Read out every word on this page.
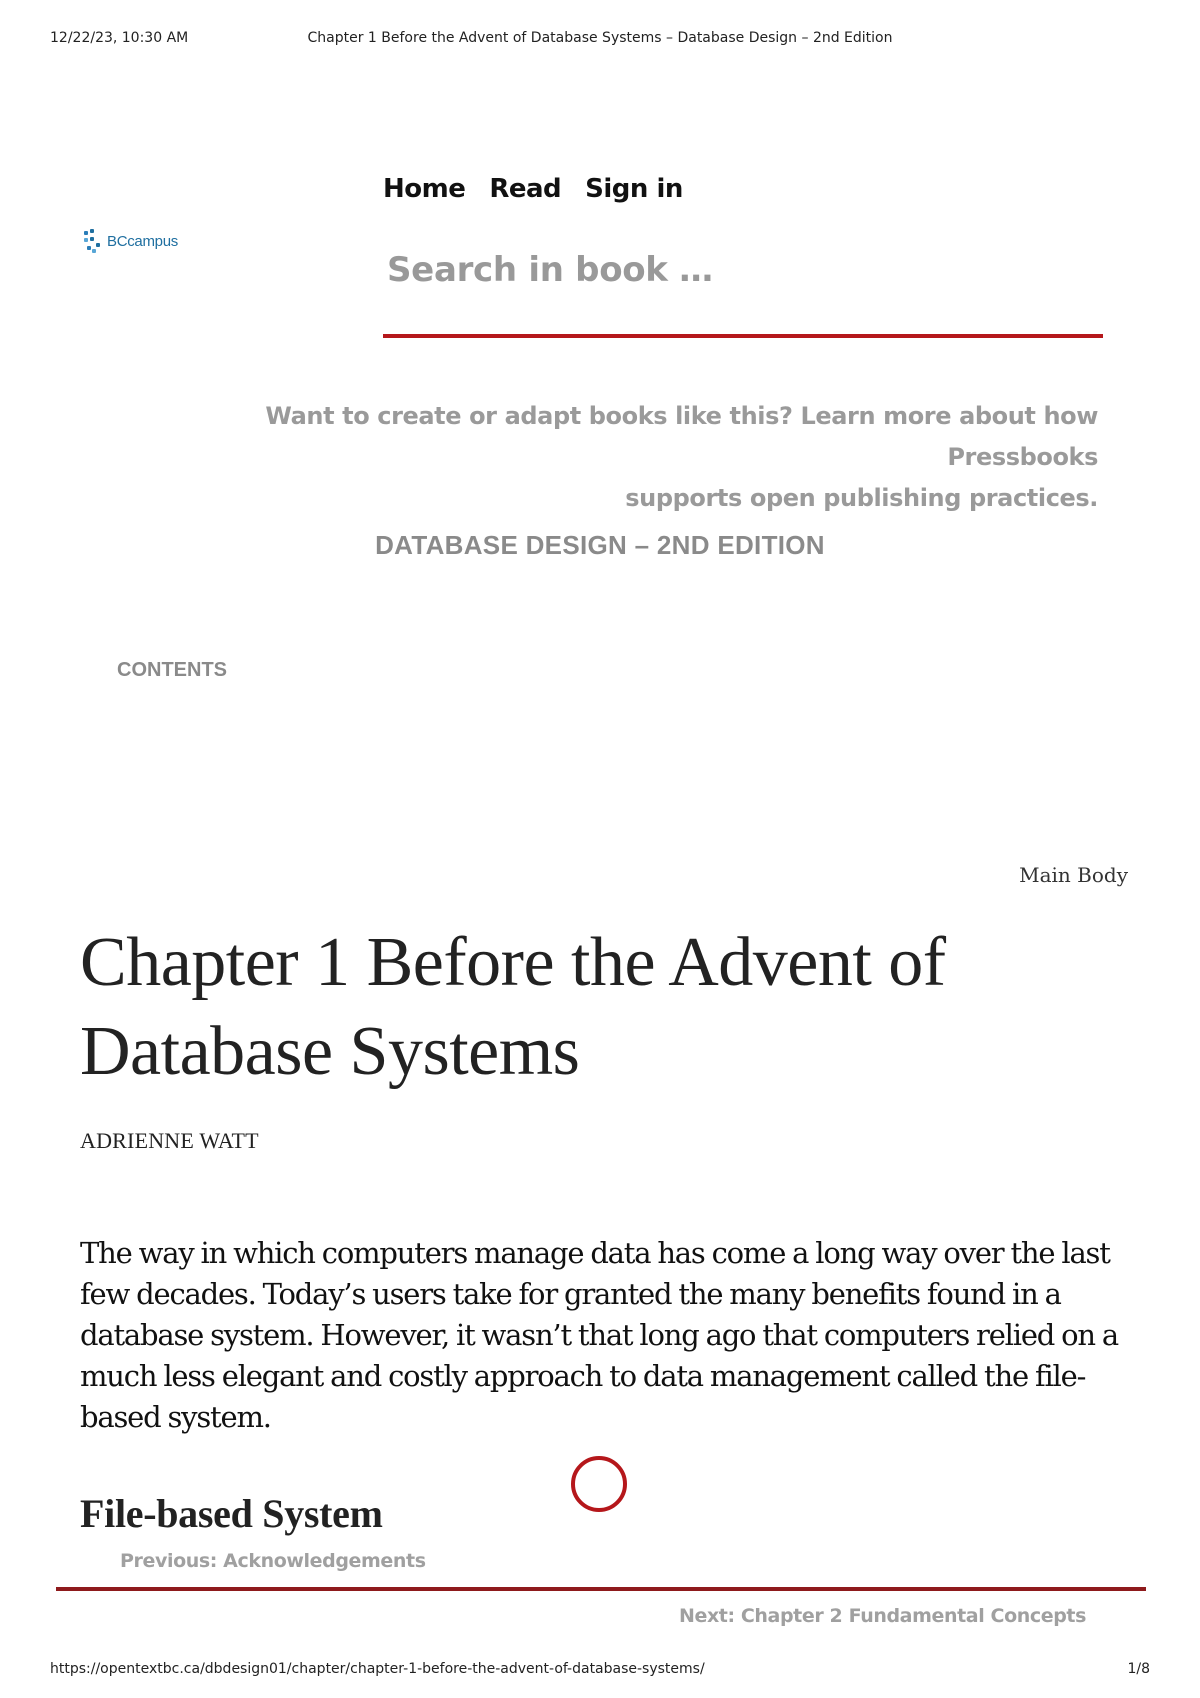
12/22/23, 10:30 AM	Chapter 1 Before the Advent of Database Systems – Database Design – 2nd Edition
BCcampus
Home Read Sign in
Search in book …
Want to create or adapt books like this? Learn more about how Pressbooks
supports open publishing practices.
DATABASE DESIGN – 2ND EDITION
CONTENTS
Main Body
Chapter 1 Before the Advent of Database Systems
ADRIENNE WATT

The way in which computers manage data has come a long way over the last few decades. Today’s users take for granted the many benefits found in a database system. However, it wasn’t that long ago that computers relied on a much less elegant and costly approach to data management called the file-based system.

File-based System
Previous: Acknowledgements
Next: Chapter 2 Fundamental Concepts
https://opentextbc.ca/dbdesign01/chapter/chapter-1-before-the-advent-of-database-systems/	1/8
